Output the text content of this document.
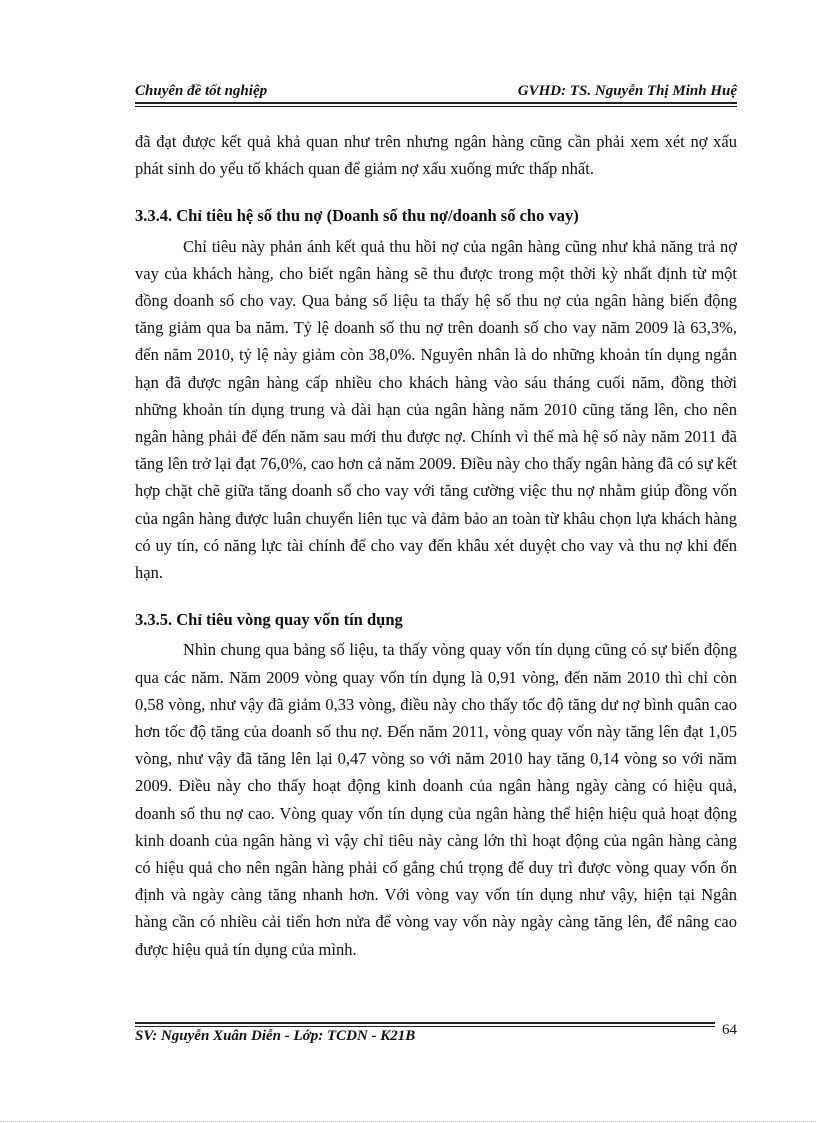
Chuyên đề tốt nghiệp	GVHD: TS. Nguyễn Thị Minh Huệ

đã đạt được kết quả khả quan như trên nhưng ngân hàng cũng cần phải xem xét nợ xấu phát sinh do yếu tố khách quan để giảm nợ xấu xuống mức thấp nhất.

3.3.4. Chỉ tiêu hệ số thu nợ (Doanh số thu nợ/doanh số cho vay)

Chỉ tiêu này phản ánh kết quả thu hồi nợ của ngân hàng cũng như khả năng trả nợ vay của khách hàng, cho biết ngân hàng sẽ thu được trong một thời kỳ nhất định từ một đồng doanh số cho vay. Qua bảng số liệu ta thấy hệ số thu nợ của ngân hàng biến động tăng giảm qua ba năm. Tỷ lệ doanh số thu nợ trên doanh số cho vay năm 2009 là 63,3%, đến năm 2010, tỷ lệ này giảm còn 38,0%. Nguyên nhân là do những khoản tín dụng ngắn hạn đã được ngân hàng cấp nhiều cho khách hàng vào sáu tháng cuối năm, đồng thời những khoản tín dụng trung và dài hạn của ngân hàng năm 2010 cũng tăng lên, cho nên ngân hàng phải để đến năm sau mới thu được nợ. Chính vì thế mà hệ số này năm 2011 đã tăng lên trở lại đạt 76,0%, cao hơn cả năm 2009. Điều này cho thấy ngân hàng đã có sự kết hợp chặt chẽ giữa tăng doanh số cho vay với tăng cường việc thu nợ nhằm giúp đồng vốn của ngân hàng được luân chuyển liên tục và đảm bảo an toàn từ khâu chọn lựa khách hàng có uy tín, có năng lực tài chính để cho vay đến khâu xét duyệt cho vay và thu nợ khi đến hạn.

3.3.5. Chỉ tiêu vòng quay vốn tín dụng

Nhìn chung qua bảng số liệu, ta thấy vòng quay vốn tín dụng cũng có sự biến động qua các năm. Năm 2009 vòng quay vốn tín dụng là 0,91 vòng, đến năm 2010 thì chỉ còn 0,58 vòng, như vậy đã giảm 0,33 vòng, điều này cho thấy tốc độ tăng dư nợ bình quân cao hơn tốc độ tăng của doanh số thu nợ. Đến năm 2011, vòng quay vốn này tăng lên đạt 1,05 vòng, như vậy đã tăng lên lại 0,47 vòng so với năm 2010 hay tăng 0,14 vòng so với năm 2009. Điều này cho thấy hoạt động kinh doanh của ngân hàng ngày càng có hiệu quả, doanh số thu nợ cao. Vòng quay vốn tín dụng của ngân hàng thể hiện hiệu quả hoạt động kinh doanh của ngân hàng vì vậy chỉ tiêu này càng lớn thì hoạt động của ngân hàng càng có hiệu quả cho nên ngân hàng phải cố gắng chú trọng để duy trì được vòng quay vốn ổn định và ngày càng tăng nhanh hơn. Với vòng vay vốn tín dụng như vậy, hiện tại Ngân hàng cần có nhiều cải tiến hơn nửa để vòng vay vốn này ngày càng tăng lên, để nâng cao được hiệu quả tín dụng của mình.

SV: Nguyễn Xuân Diễn - Lớp: TCDN - K21B	64
